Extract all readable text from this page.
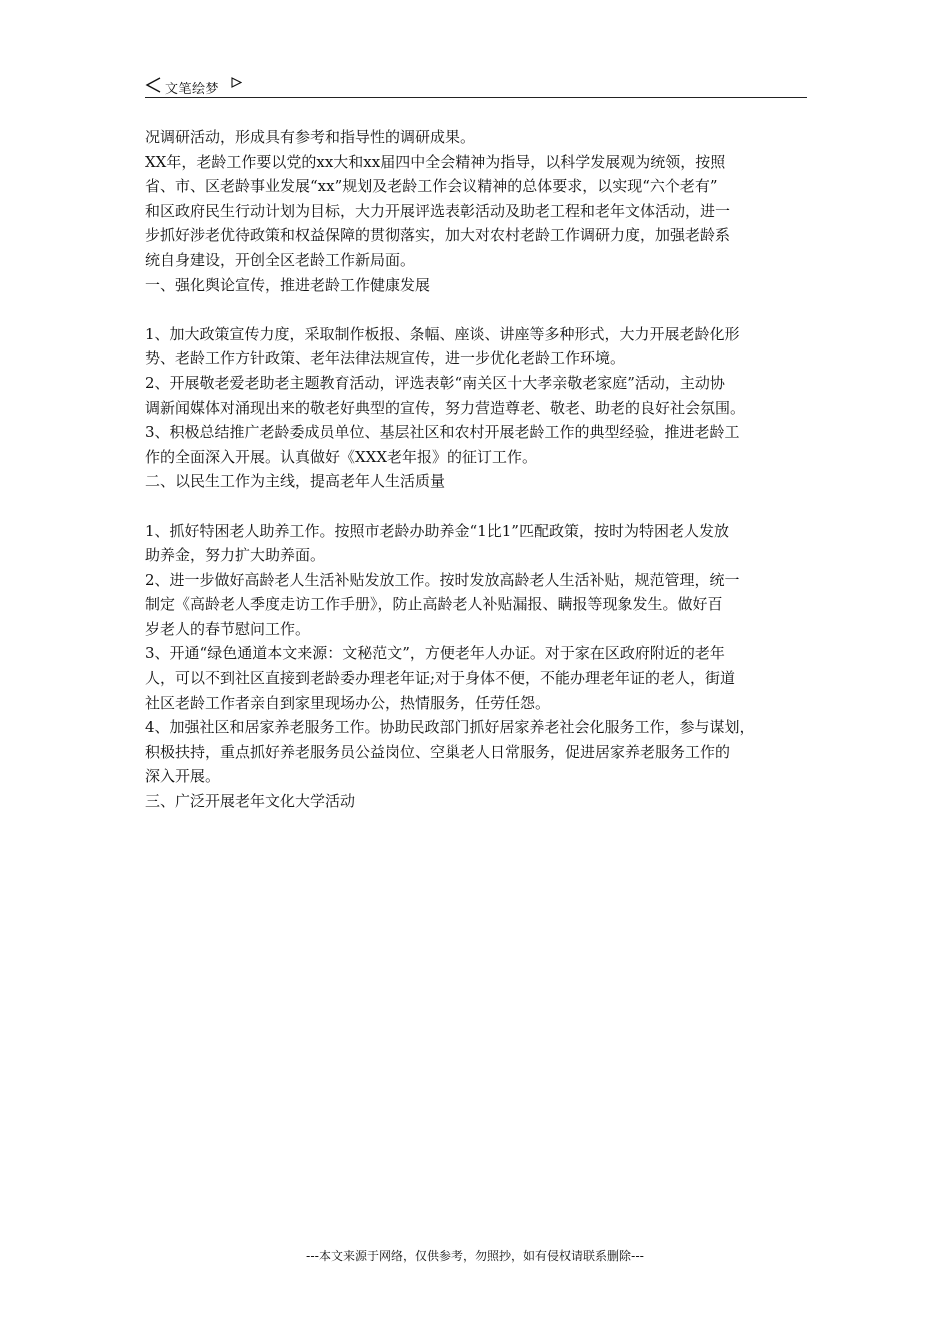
文笔绘梦
况调研活动，形成具有参考和指导性的调研成果。
XX年，老龄工作要以党的xx大和xx届四中全会精神为指导，以科学发展观为统领，按照
省、市、区老龄事业发展“xx”规划及老龄工作会议精神的总体要求，以实现“六个老有”
和区政府民生行动计划为目标，大力开展评选表彰活动及助老工程和老年文体活动，进一
步抓好涉老优待政策和权益保障的贯彻落实，加大对农村老龄工作调研力度，加强老龄系
统自身建设，开创全区老龄工作新局面。
一、强化舆论宣传，推进老龄工作健康发展
1、加大政策宣传力度，采取制作板报、条幅、座谈、讲座等多种形式，大力开展老龄化形
势、老龄工作方针政策、老年法律法规宣传，进一步优化老龄工作环境。
2、开展敬老爱老助老主题教育活动，评选表彰“南关区十大孝亲敬老家庭”活动，主动协
调新闻媒体对涌现出来的敬老好典型的宣传，努力营造尊老、敬老、助老的良好社会氛围。
3、积极总结推广老龄委成员单位、基层社区和农村开展老龄工作的典型经验，推进老龄工
作的全面深入开展。认真做好《XXX老年报》的征订工作。
二、以民生工作为主线，提高老年人生活质量
1、抓好特困老人助养工作。按照市老龄办助养金“1比1”匹配政策，按时为特困老人发放
助养金，努力扩大助养面。
2、进一步做好高龄老人生活补贴发放工作。按时发放高龄老人生活补贴，规范管理，统一
制定《高龄老人季度走访工作手册》，防止高龄老人补贴漏报、瞒报等现象发生。做好百
岁老人的春节慰问工作。
3、开通“绿色通道本文来源：文秘范文”，方便老年人办证。对于家在区政府附近的老年
人，可以不到社区直接到老龄委办理老年证;对于身体不便，不能办理老年证的老人，街道
社区老龄工作者亲自到家里现场办公，热情服务，任劳任怨。
4、加强社区和居家养老服务工作。协助民政部门抓好居家养老社会化服务工作，参与谋划，
积极扶持，重点抓好养老服务员公益岗位、空巢老人日常服务，促进居家养老服务工作的
深入开展。
三、广泛开展老年文化大学活动
---本文来源于网络，仅供参考，勿照抄，如有侵权请联系删除---
